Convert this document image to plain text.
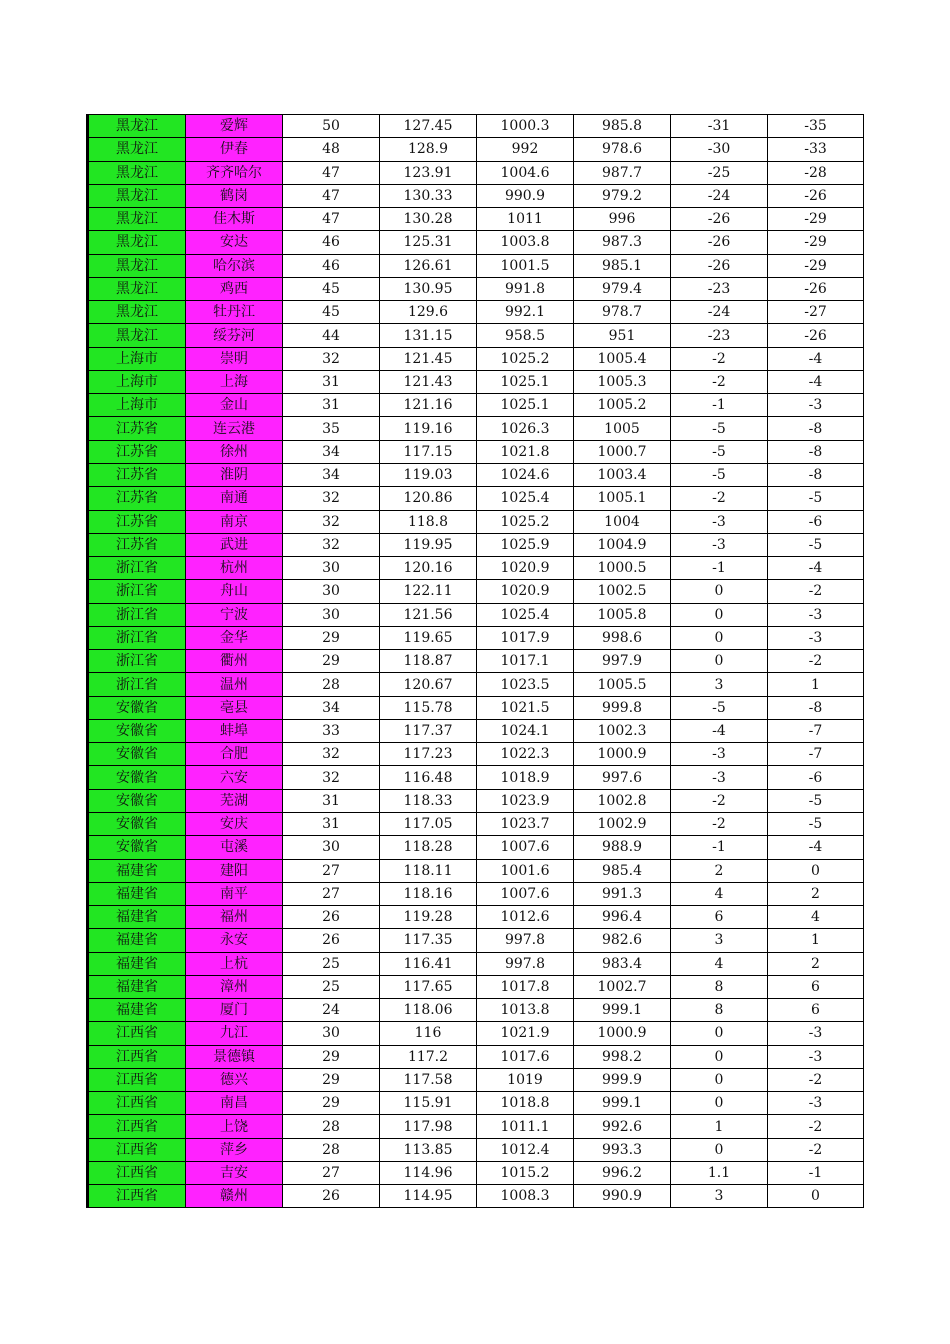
黑龙江	爱辉	50	127.45	1000.3	985.8	-31	-35
黑龙江	伊春	48	128.9	992	978.6	-30	-33
黑龙江	齐齐哈尔	47	123.91	1004.6	987.7	-25	-28
黑龙江	鹤岗	47	130.33	990.9	979.2	-24	-26
黑龙江	佳木斯	47	130.28	1011	996	-26	-29
黑龙江	安达	46	125.31	1003.8	987.3	-26	-29
黑龙江	哈尔滨	46	126.61	1001.5	985.1	-26	-29
黑龙江	鸡西	45	130.95	991.8	979.4	-23	-26
黑龙江	牡丹江	45	129.6	992.1	978.7	-24	-27
黑龙江	绥芬河	44	131.15	958.5	951	-23	-26
上海市	崇明	32	121.45	1025.2	1005.4	-2	-4
上海市	上海	31	121.43	1025.1	1005.3	-2	-4
上海市	金山	31	121.16	1025.1	1005.2	-1	-3
江苏省	连云港	35	119.16	1026.3	1005	-5	-8
江苏省	徐州	34	117.15	1021.8	1000.7	-5	-8
江苏省	淮阴	34	119.03	1024.6	1003.4	-5	-8
江苏省	南通	32	120.86	1025.4	1005.1	-2	-5
江苏省	南京	32	118.8	1025.2	1004	-3	-6
江苏省	武进	32	119.95	1025.9	1004.9	-3	-5
浙江省	杭州	30	120.16	1020.9	1000.5	-1	-4
浙江省	舟山	30	122.11	1020.9	1002.5	0	-2
浙江省	宁波	30	121.56	1025.4	1005.8	0	-3
浙江省	金华	29	119.65	1017.9	998.6	0	-3
浙江省	衢州	29	118.87	1017.1	997.9	0	-2
浙江省	温州	28	120.67	1023.5	1005.5	3	1
安徽省	亳县	34	115.78	1021.5	999.8	-5	-8
安徽省	蚌埠	33	117.37	1024.1	1002.3	-4	-7
安徽省	合肥	32	117.23	1022.3	1000.9	-3	-7
安徽省	六安	32	116.48	1018.9	997.6	-3	-6
安徽省	芜湖	31	118.33	1023.9	1002.8	-2	-5
安徽省	安庆	31	117.05	1023.7	1002.9	-2	-5
安徽省	屯溪	30	118.28	1007.6	988.9	-1	-4
福建省	建阳	27	118.11	1001.6	985.4	2	0
福建省	南平	27	118.16	1007.6	991.3	4	2
福建省	福州	26	119.28	1012.6	996.4	6	4
福建省	永安	26	117.35	997.8	982.6	3	1
福建省	上杭	25	116.41	997.8	983.4	4	2
福建省	漳州	25	117.65	1017.8	1002.7	8	6
福建省	厦门	24	118.06	1013.8	999.1	8	6
江西省	九江	30	116	1021.9	1000.9	0	-3
江西省	景德镇	29	117.2	1017.6	998.2	0	-3
江西省	德兴	29	117.58	1019	999.9	0	-2
江西省	南昌	29	115.91	1018.8	999.1	0	-3
江西省	上饶	28	117.98	1011.1	992.6	1	-2
江西省	萍乡	28	113.85	1012.4	993.3	0	-2
江西省	吉安	27	114.96	1015.2	996.2	1.1	-1
江西省	赣州	26	114.95	1008.3	990.9	3	0
